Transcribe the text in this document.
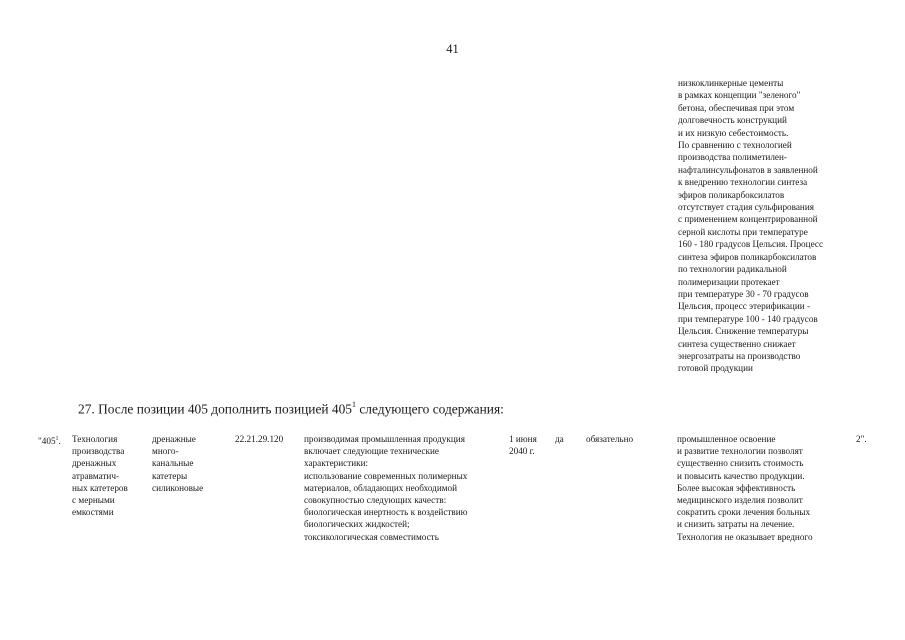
41
низкоклинкерные цементы
в рамках концепции "зеленого"
бетона, обеспечивая при этом
долговечность конструкций
и их низкую себестоимость.
По сравнению с технологией
производства полиметилен-
нафталинсульфонатов в заявленной
к внедрению технологии синтеза
эфиров поликарбоксилатов
отсутствует стадия сульфирования
с применением концентрированной
серной кислоты при температуре
160 - 180 градусов Цельсия. Процесс
синтеза эфиров поликарбоксилатов
по технологии радикальной
полимеризации протекает
при температуре 30 - 70 градусов
Цельсия, процесс этерификации -
при температуре 100 - 140 градусов
Цельсия. Снижение температуры
синтеза существенно снижает
энергозатраты на производство
готовой продукции
27. После позиции 405 дополнить позицией $405^1$ следующего содержания:
"$405^1$. Технология
производства
дренажных
атравматич-
ных катетеров
с мерными
емкостями
дренажные
много-
канальные
катетеры
силиконовые
22.21.29.120 производимая промышленная продукция
включает следующие технические
характеристики:
использование современных полимерных
материалов, обладающих необходимой
совокупностью следующих качеств:
биологическая инертность к воздействию
биологических жидкостей;
токсикологическая совместимость
1 июня
2040 г.
да обязательно	промышленное освоение
и развитие технологии позволят
существенно снизить стоимость
и повысить качество продукции.
Более высокая эффективность
медицинского изделия позволит
сократить сроки лечения больных
и снизить затраты на лечение.
Технология не оказывает вредного
2".
